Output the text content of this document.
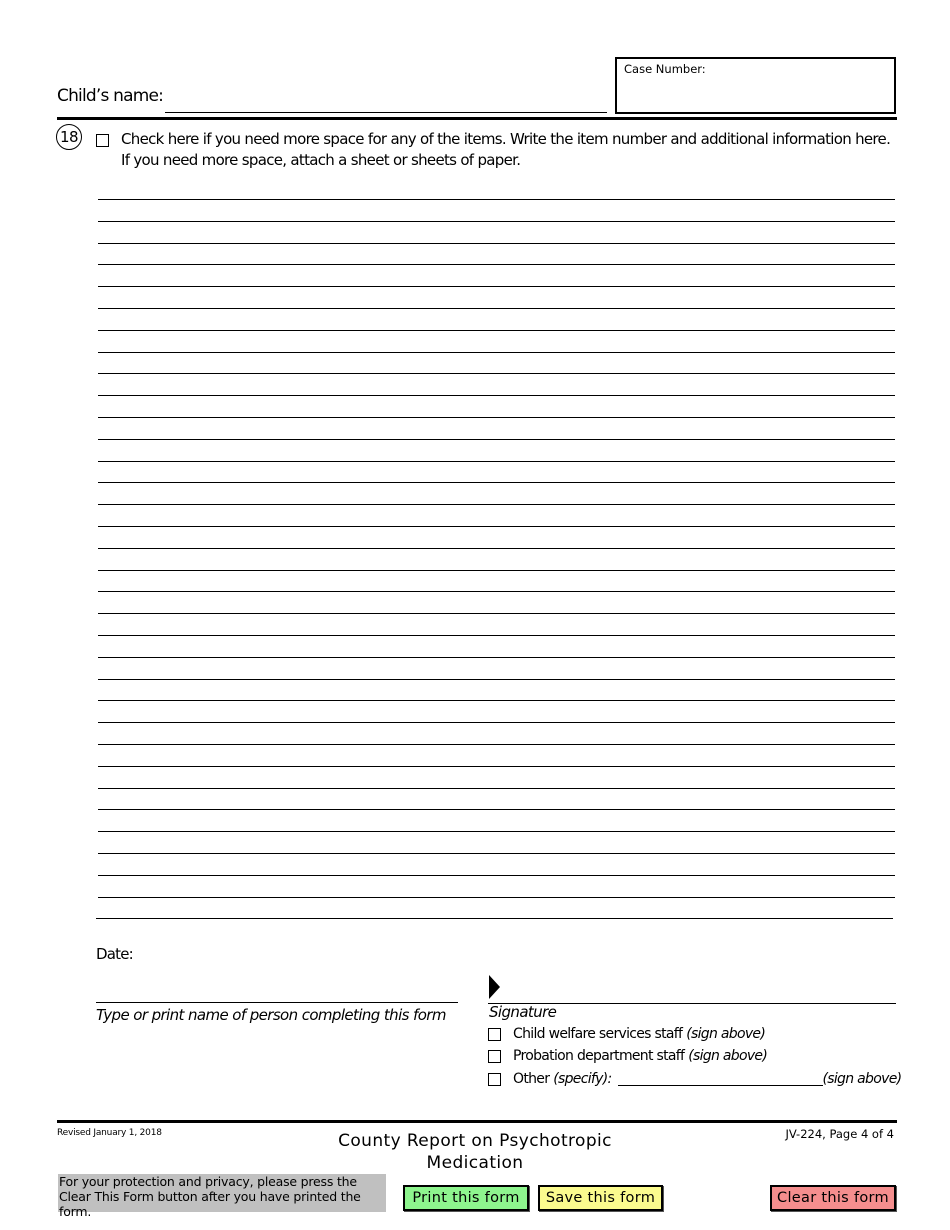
Child’s name:
Case Number:
18	Check here if you need more space for any of the items. Write the item number and additional information here.
If you need more space, attach a sheet or sheets of paper.
Date:
Type or print name of person completing this form	Signature
Child welfare services staff (sign above)
Probation department staff (sign above)
Other (specify):	(sign above)
Revised January 1, 2018	County Report on Psychotropic
Medication
JV-224, Page 4 of 4
For your protection and privacy, please press the Clear This Form button after you have printed the form.
Print this form	Save this form	Clear this form
